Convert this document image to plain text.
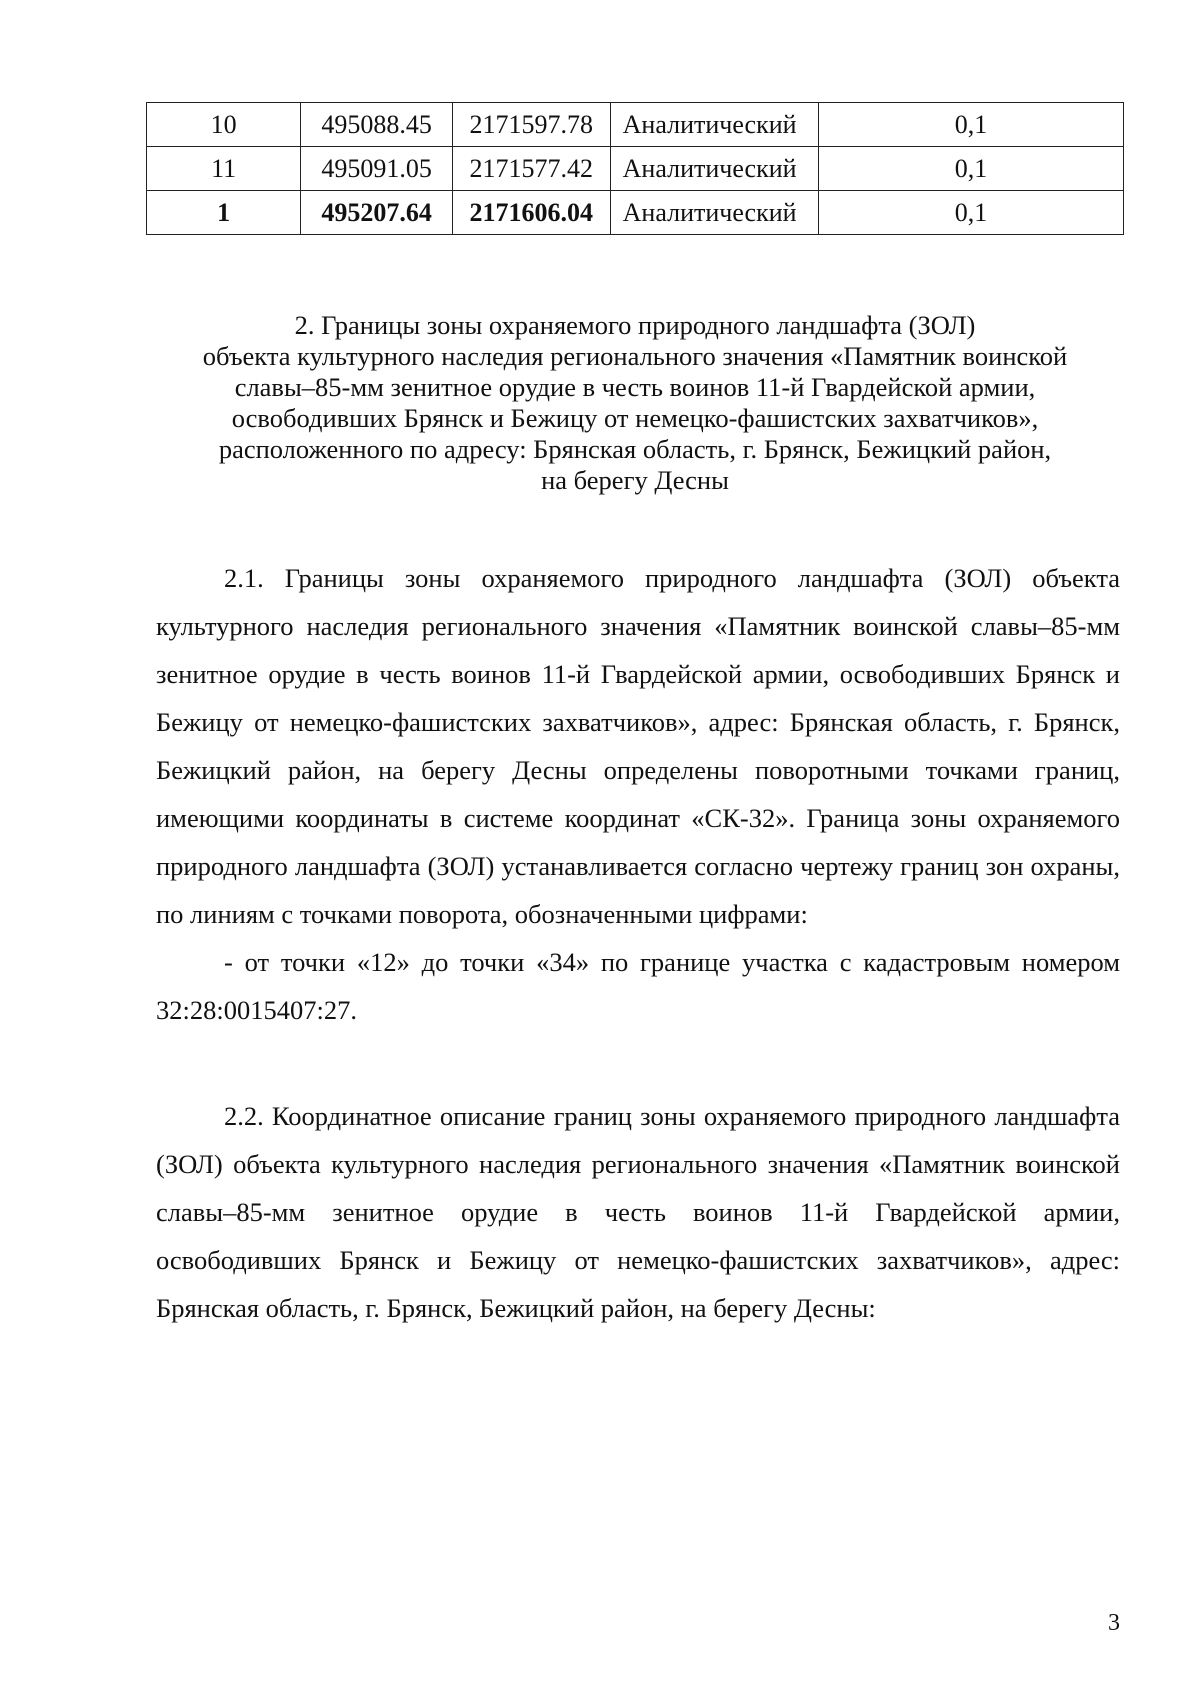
10	495088.45	2171597.78	Аналитический	0,1
11	495091.05	2171577.42	Аналитический	0,1
1	495207.64	2171606.04	Аналитический	0,1
2. Границы зоны охраняемого природного ландшафта (ЗОЛ)
объекта культурного наследия регионального значения «Памятник воинской
славы–85-мм зенитное орудие в честь воинов 11-й Гвардейской армии,
освободивших Брянск и Бежицу от немецко-фашистских захватчиков»,
расположенного по адресу: Брянская область, г. Брянск, Бежицкий район,
на берегу Десны
2.1. Границы зоны охраняемого природного ландшафта (ЗОЛ) объекта культурного наследия регионального значения «Памятник воинской славы–85-мм зенитное орудие в честь воинов 11-й Гвардейской армии, освободивших Брянск и Бежицу от немецко-фашистских захватчиков», адрес: Брянская область, г. Брянск, Бежицкий район, на берегу Десны определены поворотными точками границ, имеющими координаты в системе координат «СК-32». Граница зоны охраняемого природного ландшафта (ЗОЛ) устанавливается согласно чертежу границ зон охраны, по линиям с точками поворота, обозначенными цифрами:
- от точки «12» до точки «34» по границе участка с кадастровым номером 32:28:0015407:27.
2.2. Координатное описание границ зоны охраняемого природного ландшафта (ЗОЛ) объекта культурного наследия регионального значения «Памятник воинской славы–85-мм зенитное орудие в честь воинов 11-й Гвардейской армии, освободивших Брянск и Бежицу от немецко-фашистских захватчиков», адрес: Брянская область, г. Брянск, Бежицкий район, на берегу Десны:
3
